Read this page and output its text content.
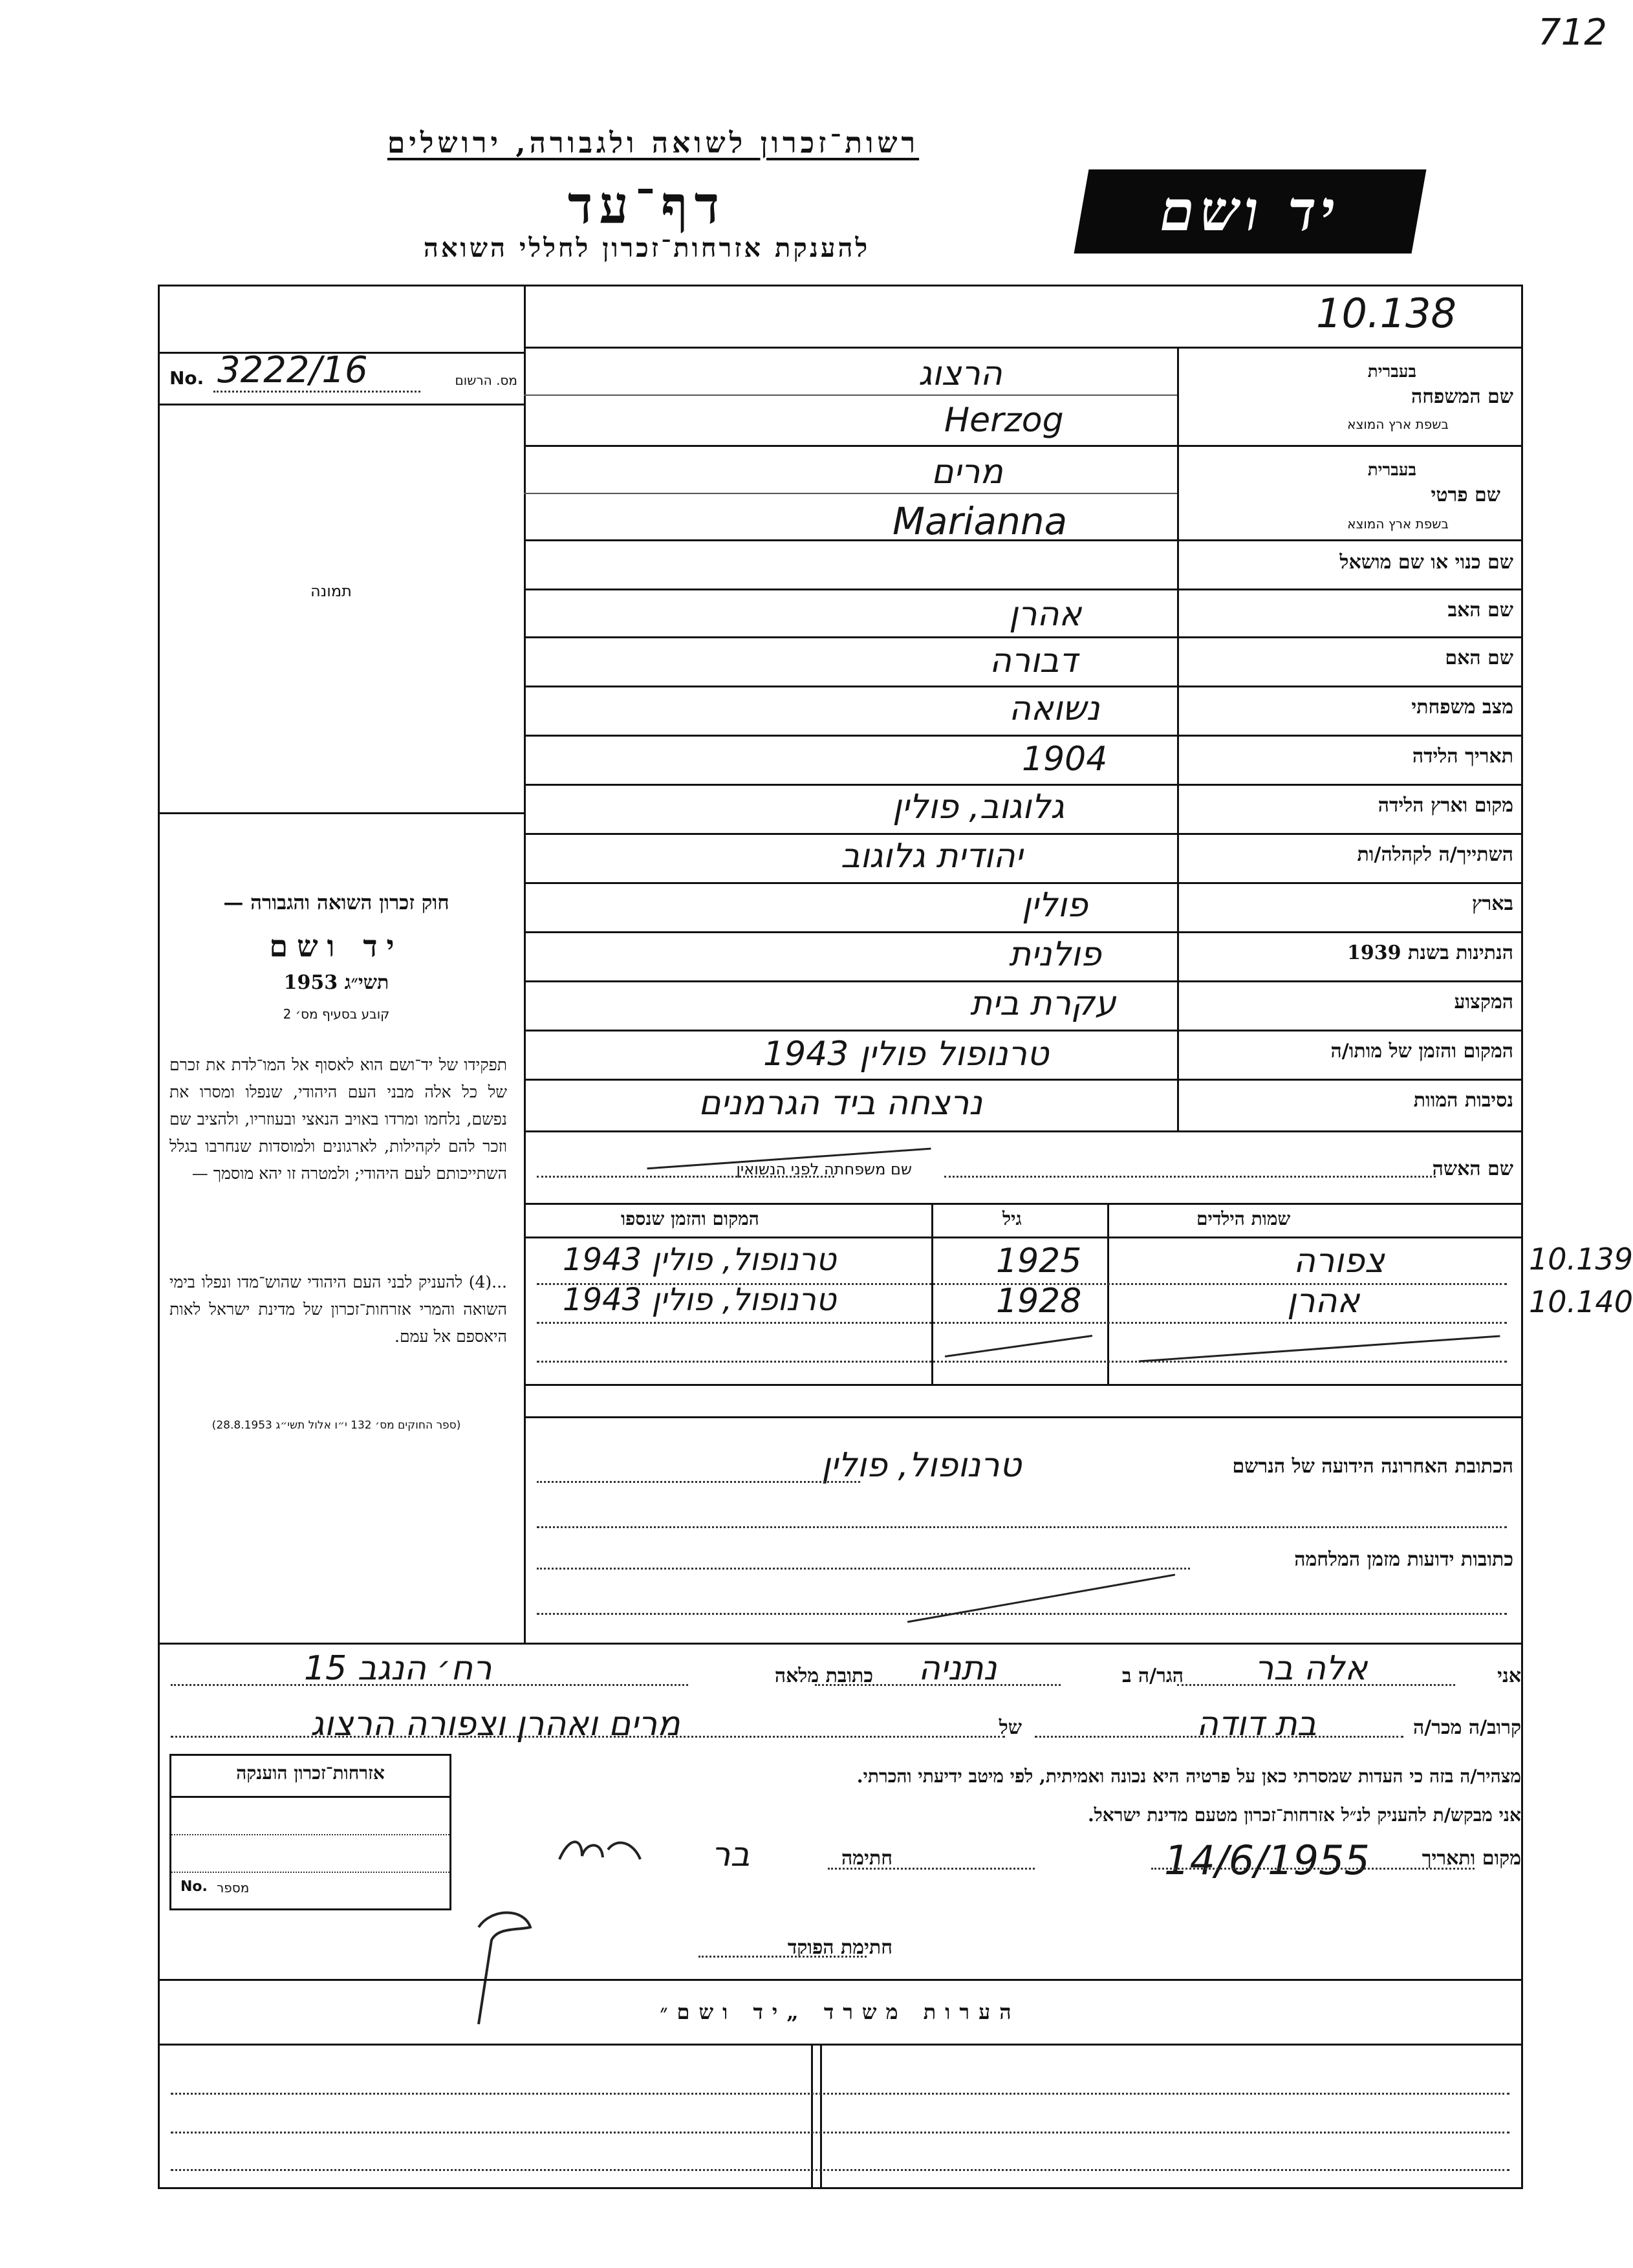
712
רשות־זכרון לשואה ולגבורה, ירושלים
דף־עד
להענקת אזרחות־זכרון לחללי השואה
יד ושם
10.138
No. 3222/16	מס. הרשום
תמונה
חוק זכרון השואה והגבורה —
יד ושם
תשי״ג 1953
קובע בסעיף מס׳ 2
תפקידו של יד־ושם הוא לאסוף אל המו־לדת את זכרם של כל אלה מבני העם היהודי, שנפלו ומסרו את נפשם, נלחמו ומרדו באויב הנאצי ובעוזריו, ולהציב שם וזכר להם לקהילות, לארגונים ולמוסדות שנחרבו בגלל השתייכותם לעם היהודי; ולמטרה זו יהא מוסמך —
...(4) להעניק לבני העם היהודי שהוש־מדו ונפלו בימי השואה והמרי אזרחות־זכרון של מדינת ישראל לאות היאספם אל עמם.
(ספר החוקים מס׳ 132 י״ו אלול תשי״ג 28.8.1953)
שם המשפחה
בעברית
בשפת ארץ המוצא
הרצוג
Herzog
שם פרטי
בעברית
בשפת ארץ המוצא
מרים
Marianna
שם כנוי או שם מושאל
שם האב
אהרן
שם האם
דבורה
מצב משפחתי
נשואה
תאריך הלידה
1904
מקום וארץ הלידה
גלוגוב, פולין
השתייך/ה לקהלה/ות
יהודית גלוגוב
בארץ
פולין
הנתינות בשנת 1939
פולנית
המקצוע
עקרת בית
המקום והזמן של מותו/ה
טרנופול פולין 1943
נסיבות המוות
נרצחה ביד הגרמנים
שם האשה
שם משפחתה לפני הנשואין
שמות הילדים
גיל
המקום והזמן שנספו
צפורה
1925
טרנופול, פולין 1943
אהרן
1928
טרנופול, פולין 1943
10.139
10.140
הכתובת האחרונה הידועה של הנרשם
טרנופול, פולין
כתובות ידועות מזמן המלחמה
אני
אלה בר
הגר/ה ב
נתניה
כתובת מלאה
רח׳ הנגב 15
קרוב/ה מכר/ה
בת דודה
של
מרים ואהרן וצפורה הרצוג
מצהיר/ה בזה כי העדות שמסרתי כאן על פרטיה היא נכונה ואמיתית, לפי מיטב ידיעתי והכרתי.
אני מבקש/ת להעניק לנ״ל אזרחות־זכרון מטעם מדינת ישראל.
מקום ותאריך
14/6/1955
חתימה
בר
חתימת הפוקד
אזרחות־זכרון הוענקה
No. מספר
הערות משרד „יד ושם״
